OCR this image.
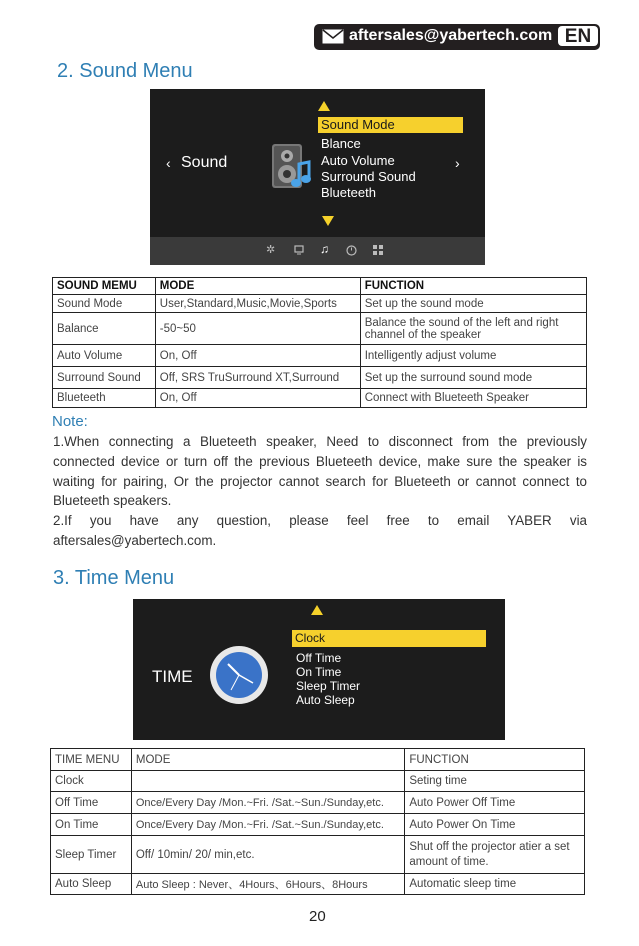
aftersales@yabertech.com EN
2. Sound Menu
✲	♫
‹ Sound	›
Sound Mode
Blance
Auto Volume
Surround Sound
Blueteeth
SOUND MEMU	MODE	FUNCTION
Sound Mode	User,Standard,Music,Movie,Sports	Set up the sound mode
Balance	-50~50	Balance the sound of the left and right channel of the speaker
Auto Volume	On, Off	Intelligently adjust volume
Surround Sound	Off, SRS TruSurround XT,Surround	Set up the surround sound mode
Blueteeth	On, Off	Connect with Blueteeth Speaker
Note:
1.When connecting a Blueteeth speaker, Need to disconnect from the previously connected device or turn off the previous Blueteeth device, make sure the speaker is waiting for pairing, Or the projector cannot search for Blueteeth or cannot connect to Blueteeth speakers.
2.If you have any question, please feel free to email YABER via aftersales@yabertech.com.
3. Time Menu
TIME
Clock
Off Time
On Time
Sleep Timer
Auto Sleep
TIME MENU	MODE	FUNCTION
Clock		Seting time
Off Time	Once/Every Day /Mon.~Fri. /Sat.~Sun./Sunday,etc.	Auto Power Off Time
On Time	Once/Every Day /Mon.~Fri. /Sat.~Sun./Sunday,etc.	Auto Power On Time
Sleep Timer	Off/ 10min/ 20/ min,etc.	Shut off the projector atier a set amount of time.
Auto Sleep	Auto Sleep : Never、4Hours、6Hours、8Hours	Automatic sleep time
20
